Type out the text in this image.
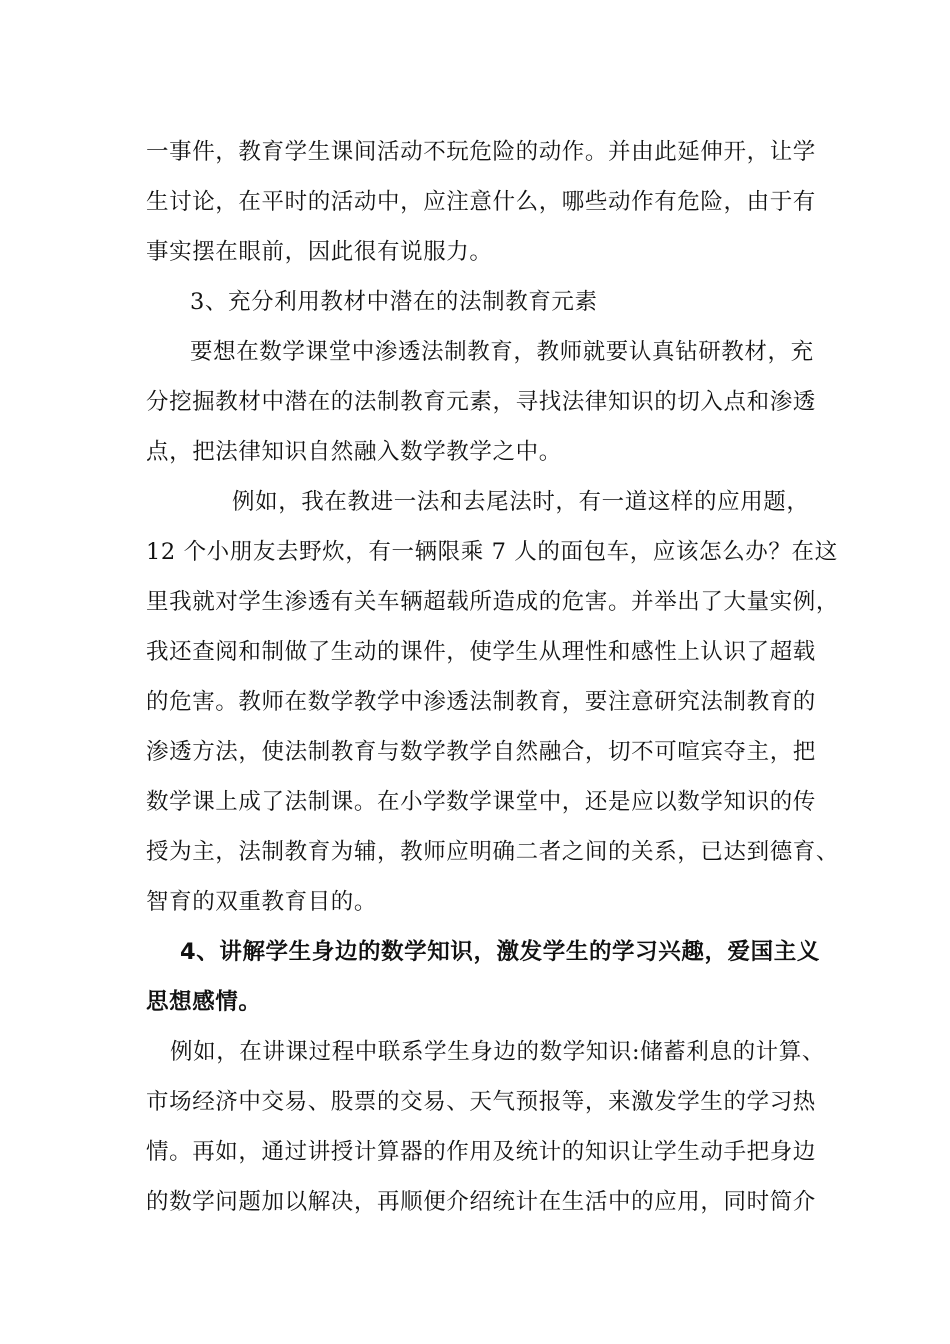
一事件，教育学生课间活动不玩危险的动作。并由此延伸开，让学
生讨论，在平时的活动中，应注意什么，哪些动作有危险，由于有
事实摆在眼前，因此很有说服力。
3、充分利用教材中潜在的法制教育元素
要想在数学课堂中渗透法制教育，教师就要认真钻研教材，充
分挖掘教材中潜在的法制教育元素，寻找法律知识的切入点和渗透
点，把法律知识自然融入数学教学之中。
例如，我在教进一法和去尾法时，有一道这样的应用题，
12 个小朋友去野炊，有一辆限乘 7 人的面包车，应该怎么办？在这
里我就对学生渗透有关车辆超载所造成的危害。并举出了大量实例，
我还查阅和制做了生动的课件，使学生从理性和感性上认识了超载
的危害。教师在数学教学中渗透法制教育，要注意研究法制教育的
渗透方法，使法制教育与数学教学自然融合，切不可喧宾夺主，把
数学课上成了法制课。在小学数学课堂中，还是应以数学知识的传
授为主，法制教育为辅，教师应明确二者之间的关系，已达到德育、
智育的双重教育目的。
4、讲解学生身边的数学知识，激发学生的学习兴趣，爱国主义
思想感情。
例如，在讲课过程中联系学生身边的数学知识:储蓄利息的计算、
市场经济中交易、股票的交易、天气预报等，来激发学生的学习热
情。再如，通过讲授计算器的作用及统计的知识让学生动手把身边
的数学问题加以解决，再顺便介绍统计在生活中的应用，同时简介
